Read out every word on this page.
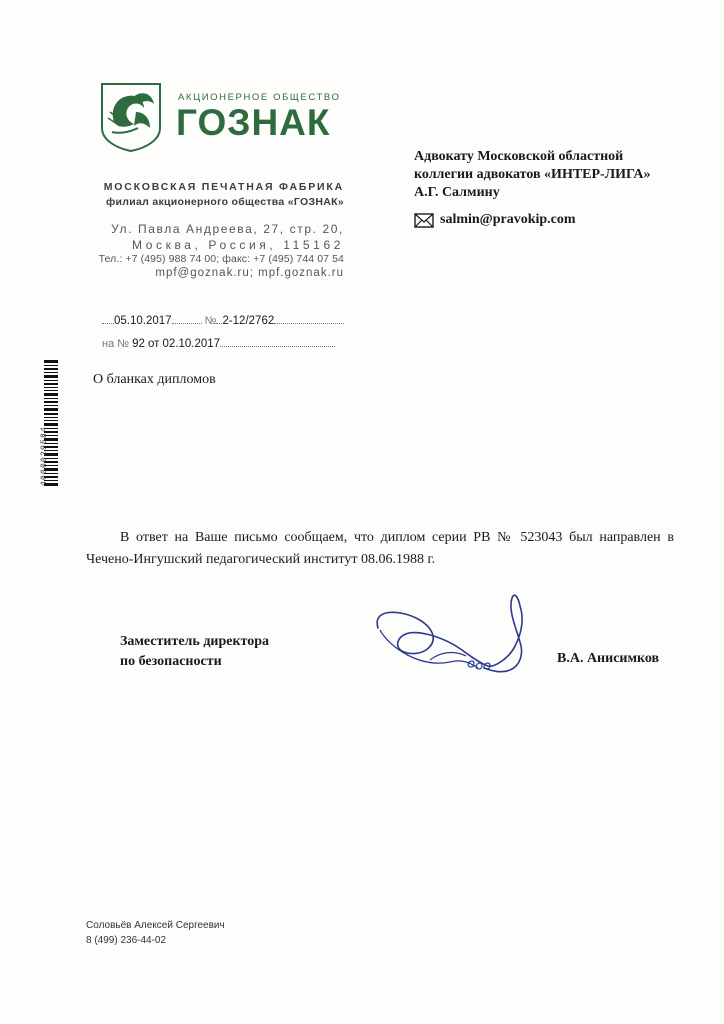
АКЦИОНЕРНОЕ ОБЩЕСТВО
ГОЗНАК
МОСКОВСКАЯ ПЕЧАТНАЯ ФАБРИКА
филиал акционерного общества «ГОЗНАК»
Ул. Павла Андреева, 27, стр. 20,
Москва, Россия, 115162
Тел.: +7 (495) 988 74 00; факс: +7 (495) 744 07 54
mpf@goznak.ru; mpf.goznak.ru
Адвокату Московской областной
коллегии адвокатов «ИНТЕР-ЛИГА»
А.Г. Салмину
salmin@pravokip.com
05.10.2017	№ 2-12/2762
на № 92 от 02.10.2017
4000029584
О бланках дипломов
В ответ на Ваше письмо сообщаем, что диплом серии РВ № 523043 был направлен в Чечено-Ингушский педагогический институт 08.06.1988 г.
Заместитель директора
по безопасности	В.А. Анисимков
Соловьёв Алексей Сергеевич
8 (499) 236-44-02
